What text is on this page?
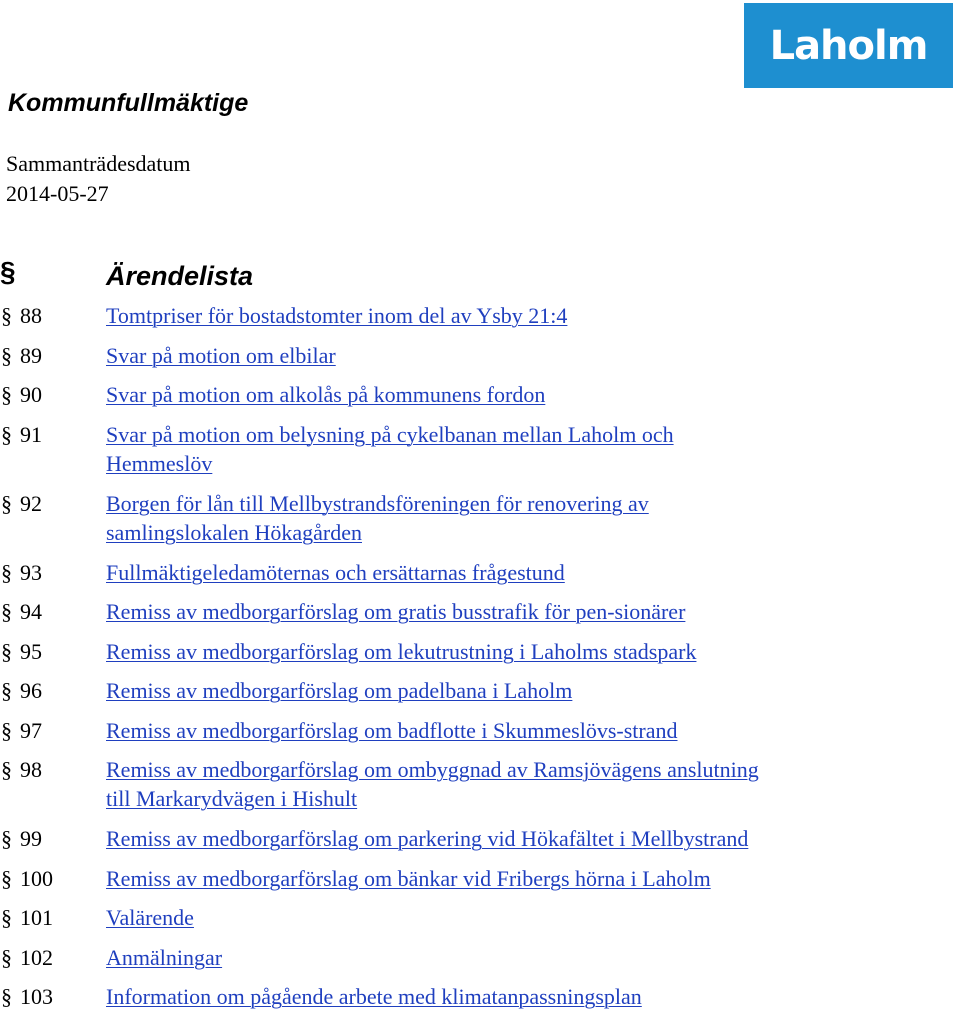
Laholm
Kommunfullmäktige
Sammanträdesdatum
2014-05-27
§	Ärendelista
§ 88	Tomtpriser för bostadstomter inom del av Ysby 21:4
§ 89	Svar på motion om elbilar
§ 90	Svar på motion om alkolås på kommunens fordon
§ 91	Svar på motion om belysning på cykelbanan mellan Laholm och
Hemmeslöv
§ 92	Borgen för lån till Mellbystrandsföreningen för renovering av
samlingslokalen Hökagården
§ 93	Fullmäktigeledamöternas och ersättarnas frågestund
§ 94	Remiss av medborgarförslag om gratis busstrafik för pen-sionärer
§ 95	Remiss av medborgarförslag om lekutrustning i Laholms stadspark
§ 96	Remiss av medborgarförslag om padelbana i Laholm
§ 97	Remiss av medborgarförslag om badflotte i Skummeslövs-strand
§ 98	Remiss av medborgarförslag om ombyggnad av Ramsjövägens anslutning
till Markarydvägen i Hishult
§ 99	Remiss av medborgarförslag om parkering vid Hökafältet i Mellbystrand
§ 100 Remiss av medborgarförslag om bänkar vid Fribergs hörna i Laholm
§ 101 Valärende
§ 102 Anmälningar
§ 103 Information om pågående arbete med klimatanpassningsplan
